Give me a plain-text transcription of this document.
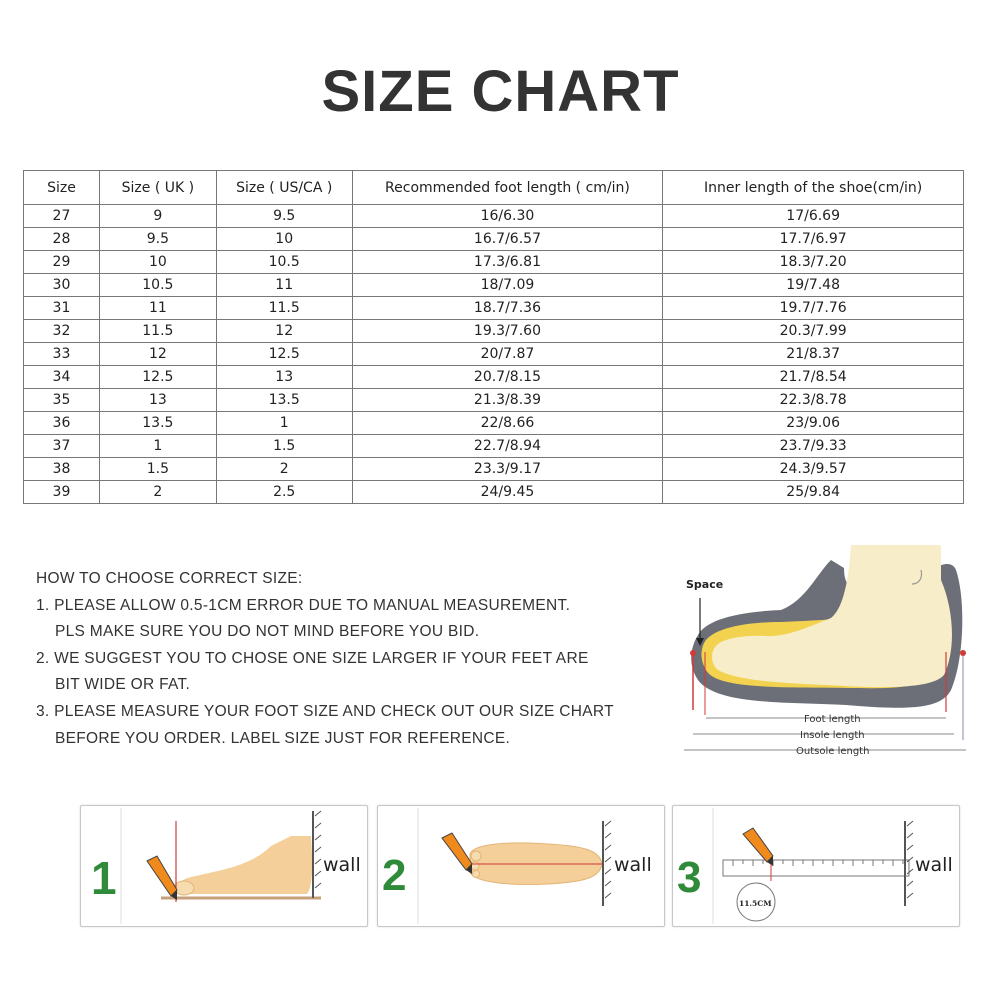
SIZE CHART
Size	Size ( UK )	Size ( US/CA )	Recommended foot length ( cm/in)	Inner length of the shoe(cm/in)
27	9	9.5	16/6.30	17/6.69
28	9.5	10	16.7/6.57	17.7/6.97
29	10	10.5	17.3/6.81	18.3/7.20
30	10.5	11	18/7.09	19/7.48
31	11	11.5	18.7/7.36	19.7/7.76
32	11.5	12	19.3/7.60	20.3/7.99
33	12	12.5	20/7.87	21/8.37
34	12.5	13	20.7/8.15	21.7/8.54
35	13	13.5	21.3/8.39	22.3/8.78
36	13.5	1	22/8.66	23/9.06
37	1	1.5	22.7/8.94	23.7/9.33
38	1.5	2	23.3/9.17	24.3/9.57
39	2	2.5	24/9.45	25/9.84
HOW TO CHOOSE CORRECT SIZE:
1. PLEASE ALLOW 0.5-1CM ERROR DUE TO MANUAL MEASUREMENT.
PLS MAKE SURE YOU DO NOT MIND BEFORE YOU BID.
2. WE SUGGEST YOU TO CHOSE ONE SIZE LARGER IF YOUR FEET ARE
BIT WIDE OR FAT.
3. PLEASE MEASURE YOUR FOOT SIZE AND CHECK OUT OUR SIZE CHART
BEFORE YOU ORDER. LABEL SIZE JUST FOR REFERENCE.
Space
Foot length
Insole length
Outsole length
1	wall 2	wall 3
11.5CM
wall
